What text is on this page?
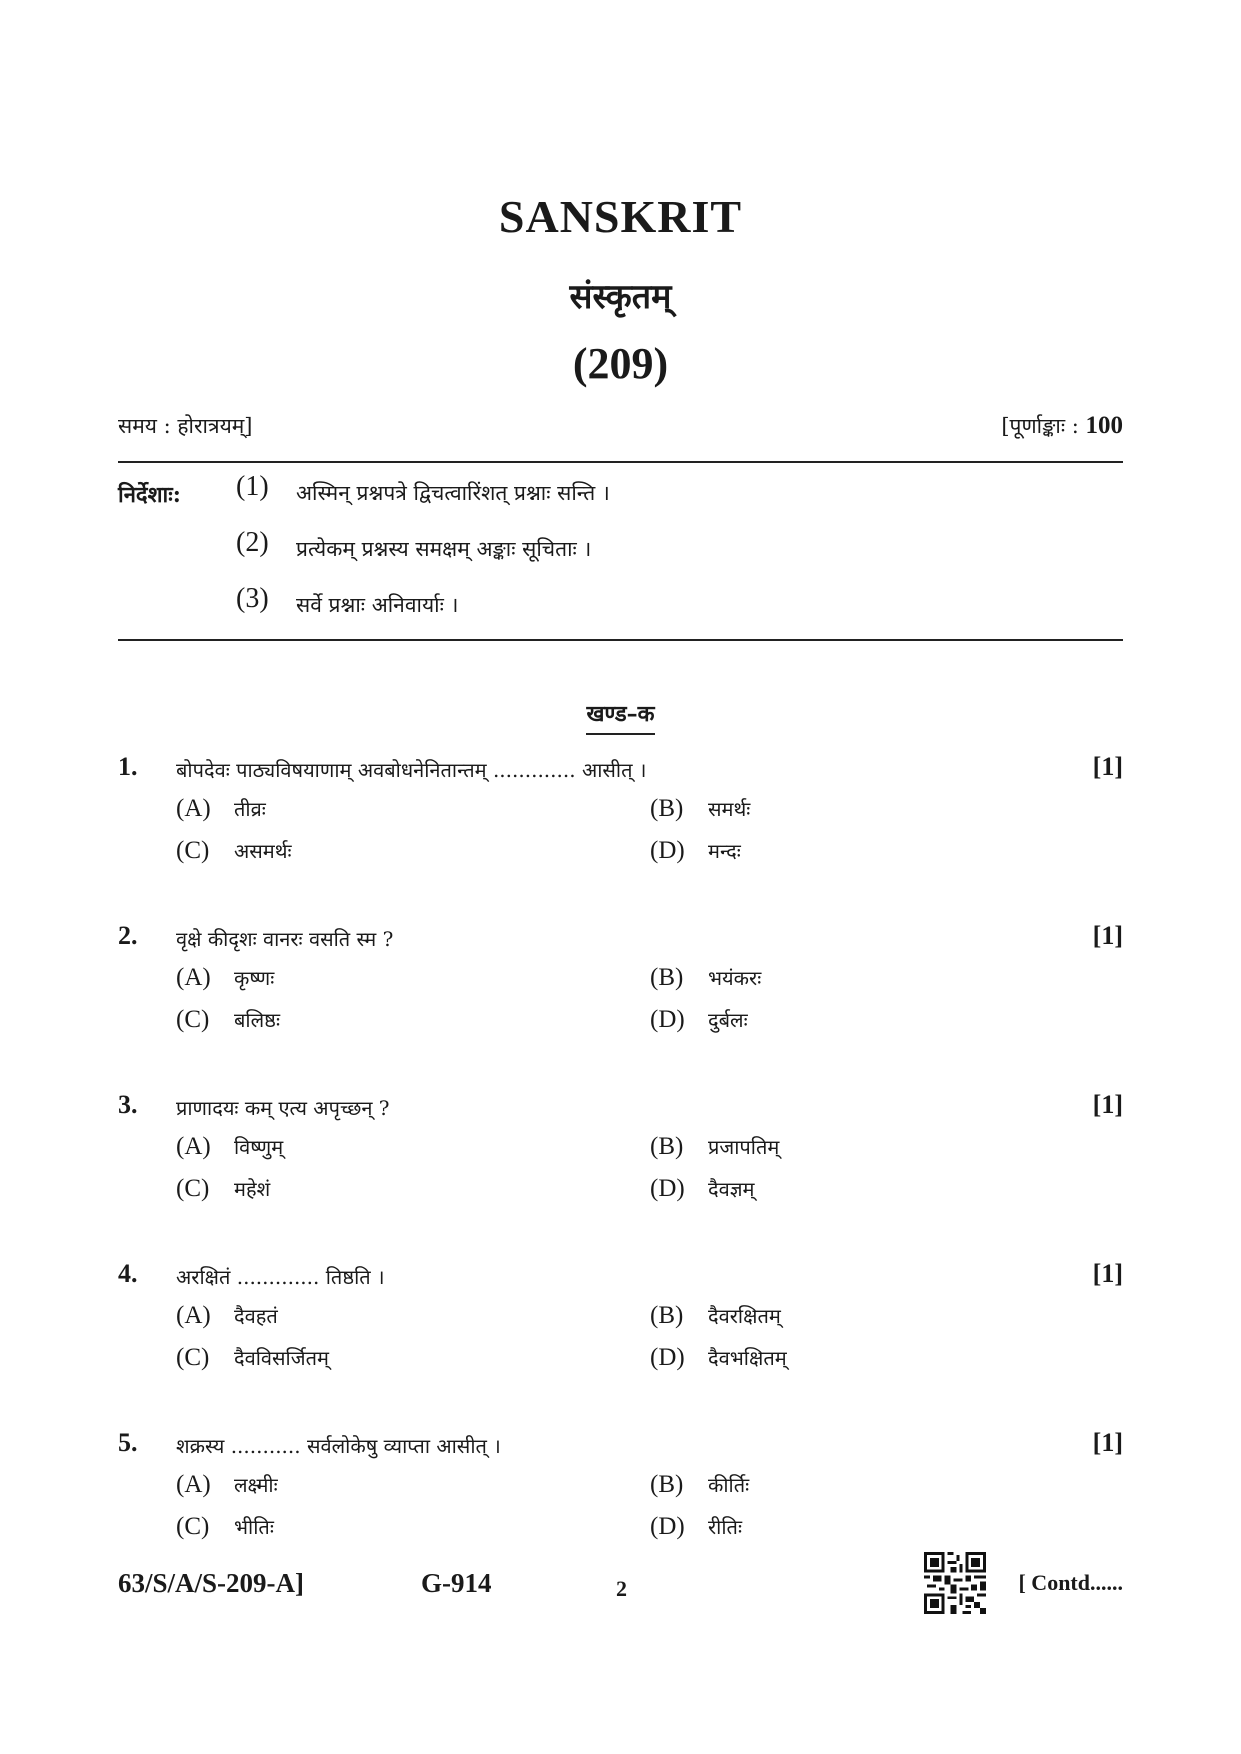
SANSKRIT
संस्कृतम्
(209)
समय : होरात्रयम्]	[पूर्णाङ्काः : 100
निर्देशाः: (1) अस्मिन् प्रश्नपत्रे द्विचत्वारिंशत् प्रश्नाः सन्ति ।
(2) प्रत्येकम् प्रश्नस्य समक्षम् अङ्काः सूचिताः ।
(3) सर्वे प्रश्नाः अनिवार्याः ।
खण्ड–क
1. बोपदेवः पाठ्यविषयाणाम् अवबोधनेनितान्तम् ............. आसीत् ।	[1]
(A) तीव्रः	(B) समर्थः
(C) असमर्थः	(D) मन्दः
2. वृक्षे कीदृशः वानरः वसति स्म ?	[1]
(A) कृष्णः	(B) भयंकरः
(C) बलिष्ठः	(D) दुर्बलः
3. प्राणादयः कम् एत्य अपृच्छन् ?	[1]
(A) विष्णुम्	(B) प्रजापतिम्
(C) महेशं	(D) दैवज्ञम्
4. अरक्षितं ............. तिष्ठति ।	[1]
(A) दैवहतं	(B) दैवरक्षितम्
(C) दैवविसर्जितम्	(D) दैवभक्षितम्
5. शक्रस्य ........... सर्वलोकेषु व्याप्ता आसीत् ।	[1]
(A) लक्ष्मीः	(B) कीर्तिः
(C) भीतिः	(D) रीतिः
63/S/A/S-209-A]	G-914	2	[ Contd......
